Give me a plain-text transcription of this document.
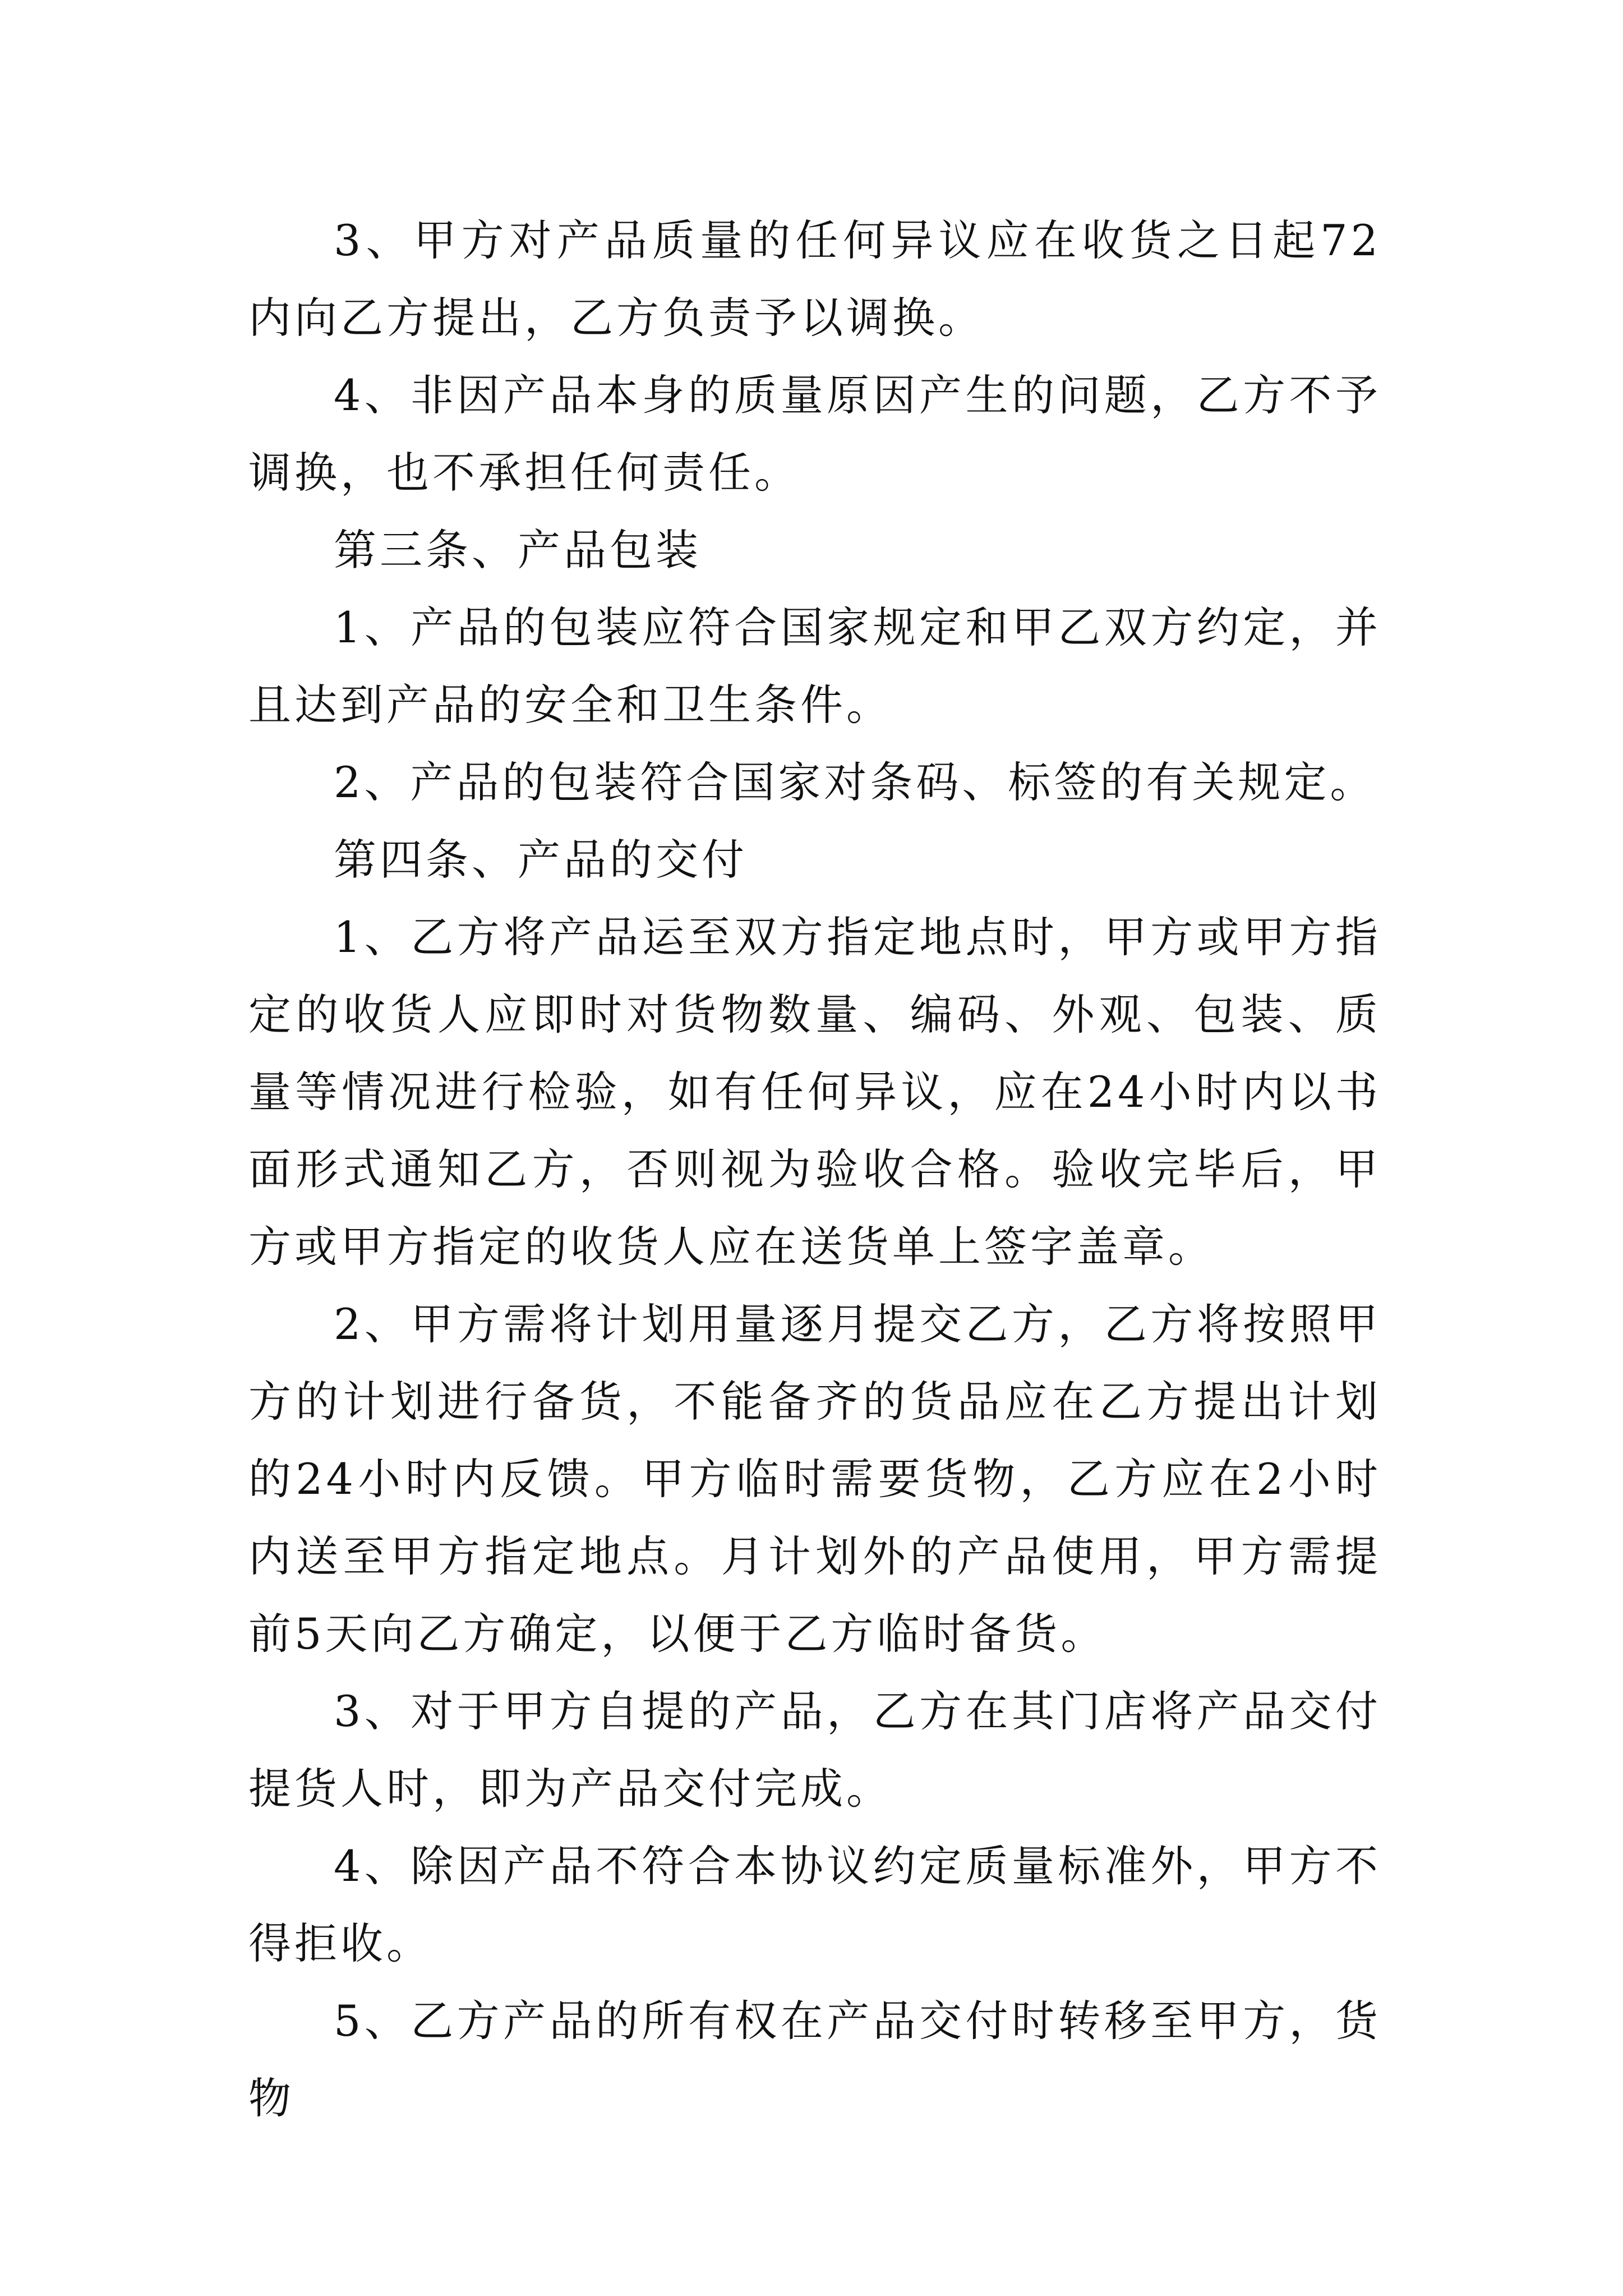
3、甲方对产品质量的任何异议应在收货之日起72内向乙方提出，乙方负责予以调换。

4、非因产品本身的质量原因产生的问题，乙方不予调换，也不承担任何责任。

第三条、产品包装

1、产品的包装应符合国家规定和甲乙双方约定，并且达到产品的安全和卫生条件。

2、产品的包装符合国家对条码、标签的有关规定。

第四条、产品的交付

1、乙方将产品运至双方指定地点时，甲方或甲方指定的收货人应即时对货物数量、编码、外观、包装、质量等情况进行检验，如有任何异议，应在24小时内以书面形式通知乙方，否则视为验收合格。验收完毕后，甲方或甲方指定的收货人应在送货单上签字盖章。

2、甲方需将计划用量逐月提交乙方，乙方将按照甲方的计划进行备货，不能备齐的货品应在乙方提出计划的24小时内反馈。甲方临时需要货物，乙方应在2小时内送至甲方指定地点。月计划外的产品使用，甲方需提前5天向乙方确定，以便于乙方临时备货。

3、对于甲方自提的产品，乙方在其门店将产品交付提货人时，即为产品交付完成。

4、除因产品不符合本协议约定质量标准外，甲方不得拒收。

5、乙方产品的所有权在产品交付时转移至甲方，货物
